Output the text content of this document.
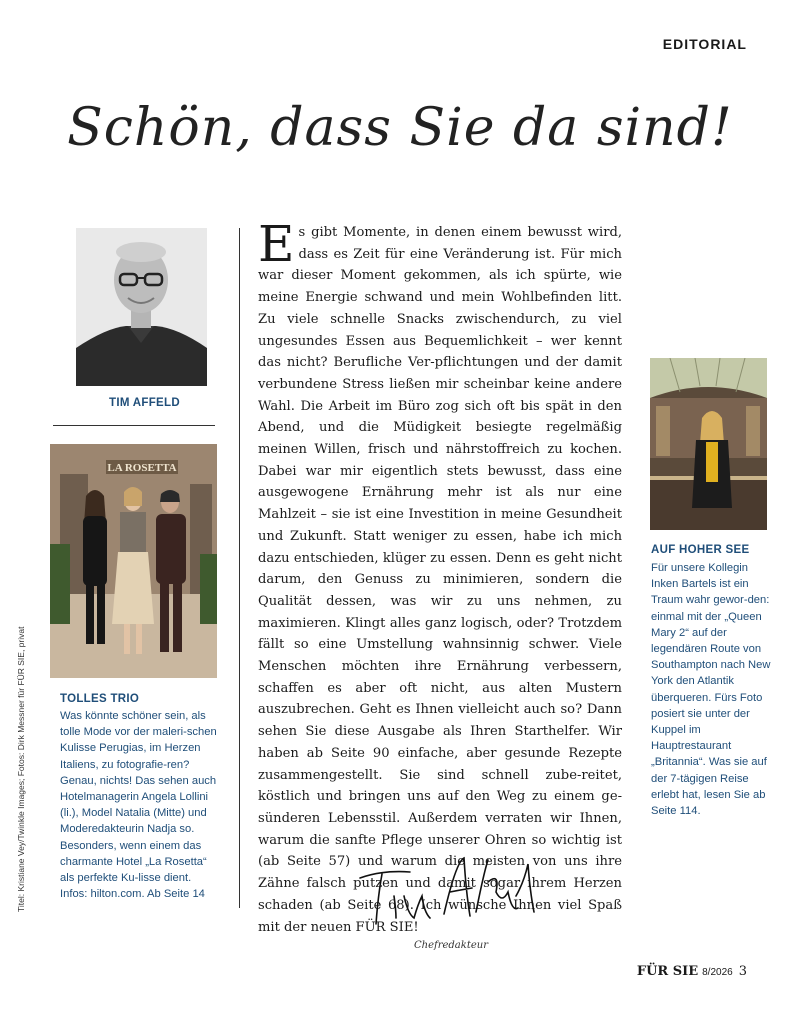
EDITORIAL
Schön, dass Sie da sind!
TIM AFFELD
LA ROSETTA
TOLLES TRIO
Was könnte schöner sein, als tolle Mode vor der maleri-schen Kulisse Perugias, im Herzen Italiens, zu fotografie-ren? Genau, nichts! Das sehen auch Hotelmanagerin Angela Lollini (li.), Model Natalia (Mitte) und Moderedakteurin Nadja so. Besonders, wenn einem das charmante Hotel „La Rosetta“ als perfekte Ku-lisse dient. Infos: hilton.com. Ab Seite 14
Titel: Kristiane Vey/Twinkle Images; Fotos: Dirk Messner für FÜR SIE, privat
Es gibt Momente, in denen einem bewusst wird, dass es Zeit für eine Veränderung ist. Für mich war dieser Moment gekommen, als ich spürte, wie meine Energie schwand und mein Wohlbefinden litt. Zu viele schnelle Snacks zwischendurch, zu viel ungesundes Essen aus Bequemlichkeit – wer kennt das nicht? Berufliche Ver-pflichtungen und der damit verbundene Stress ließen mir scheinbar keine andere Wahl. Die Arbeit im Büro zog sich oft bis spät in den Abend, und die Müdigkeit besiegte regelmäßig meinen Willen, frisch und nährstoffreich zu kochen. Dabei war mir eigentlich stets bewusst, dass eine ausgewogene Ernährung mehr ist als nur eine Mahlzeit – sie ist eine Investition in meine Gesundheit und Zukunft. Statt weniger zu essen, habe ich mich dazu entschieden, klüger zu essen. Denn es geht nicht darum, den Genuss zu minimieren, sondern die Qualität dessen, was wir zu uns nehmen, zu maximieren. Klingt alles ganz logisch, oder? Trotzdem fällt so eine Umstellung wahnsinnig schwer. Viele Menschen möchten ihre Ernährung verbessern, schaffen es aber oft nicht, aus alten Mustern auszubrechen. Geht es Ihnen vielleicht auch so? Dann sehen Sie diese Ausgabe als Ihren Starthelfer. Wir haben ab Seite 90 einfache, aber gesunde Rezepte zusammengestellt. Sie sind schnell zube-reitet, köstlich und bringen uns auf den Weg zu einem ge-sünderen Lebensstil. Außerdem verraten wir Ihnen, warum die sanfte Pflege unserer Ohren so wichtig ist (ab Seite 57) und warum die meisten von uns ihre Zähne falsch putzen und damit sogar ihrem Herzen schaden (ab Seite 68). Ich wünsche Ihnen viel Spaß mit der neuen FÜR SIE!
Chefredakteur
AUF HOHER SEE
Für unsere Kollegin Inken Bartels ist ein Traum wahr gewor-den: einmal mit der „Queen Mary 2“ auf der legendären Route von Southampton nach New York den Atlantik überqueren. Fürs Foto posiert sie unter der Kuppel im Hauptrestaurant „Britannia“. Was sie auf der 7-tägigen Reise erlebt hat, lesen Sie ab Seite 114.
FÜR SIE 8/2026 3
